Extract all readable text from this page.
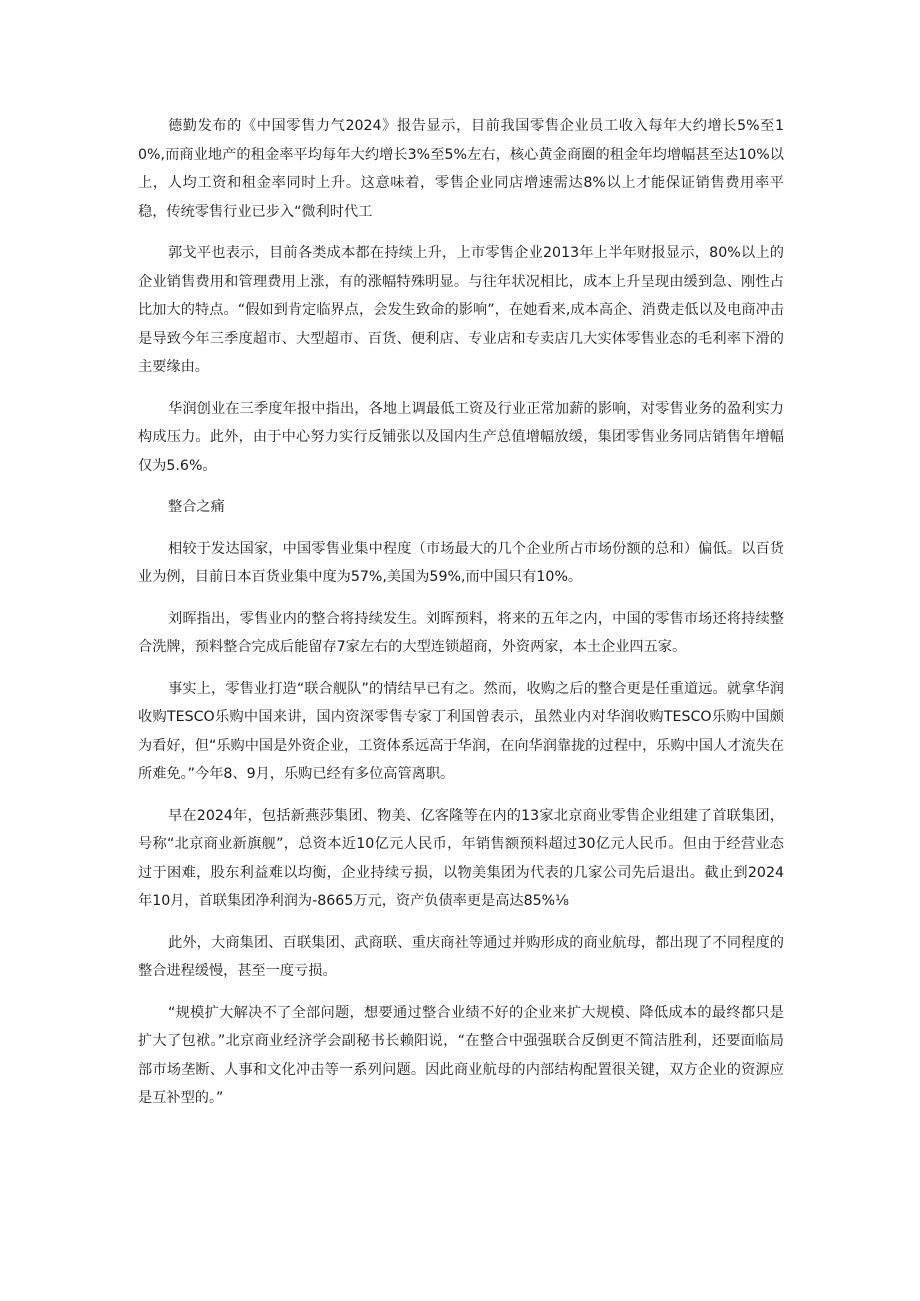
德勤发布的《中国零售力气2024》报告显示，目前我国零售企业员工收入每年大约增长5%至10%,而商业地产的租金率平均每年大约增长3%至5%左右，核心黄金商圈的租金年均增幅甚至达10%以上，人均工资和租金率同时上升。这意味着，零售企业同店增速需达8%以上才能保证销售费用率平稳，传统零售行业已步入“微利时代工

郭戈平也表示，目前各类成本都在持续上升，上市零售企业2013年上半年财报显示，80%以上的企业销售费用和管理费用上涨，有的涨幅特殊明显。与往年状况相比，成本上升呈现由缓到急、刚性占比加大的特点。“假如到肯定临界点，会发生致命的影响”，在她看来,成本高企、消费走低以及电商冲击是导致今年三季度超市、大型超市、百货、便利店、专业店和专卖店几大实体零售业态的毛利率下滑的主要缘由。

华润创业在三季度年报中指出，各地上调最低工资及行业正常加薪的影响，对零售业务的盈利实力构成压力。此外，由于中心努力实行反铺张以及国内生产总值增幅放缓，集团零售业务同店销售年增幅仅为5.6%。

整合之痛

相较于发达国家，中国零售业集中程度（市场最大的几个企业所占市场份额的总和）偏低。以百货业为例，目前日本百货业集中度为57%,美国为59%,而中国只有10%。

刘晖指出，零售业内的整合将持续发生。刘晖预料，将来的五年之内，中国的零售市场还将持续整合洗牌，预料整合完成后能留存7家左右的大型连锁超商，外资两家，本土企业四五家。

事实上，零售业打造“联合舰队”的情结早已有之。然而，收购之后的整合更是任重道远。就拿华润收购TESCO乐购中国来讲，国内资深零售专家丁利国曾表示，虽然业内对华润收购TESCO乐购中国颇为看好，但“乐购中国是外资企业，工资体系远高于华润，在向华润靠拢的过程中，乐购中国人才流失在所难免。”今年8、9月，乐购已经有多位高管离职。

早在2024年，包括新燕莎集团、物美、亿客隆等在内的13家北京商业零售企业组建了首联集团，号称“北京商业新旗舰”，总资本近10亿元人民币，年销售额预料超过30亿元人民币。但由于经营业态过于困难，股东利益难以均衡，企业持续亏损，以物美集团为代表的几家公司先后退出。截止到2024年10月，首联集团净利润为-8665万元，资产负债率更是高达85%⅛

此外，大商集团、百联集团、武商联、重庆商社等通过并购形成的商业航母，都出现了不同程度的整合进程缓慢，甚至一度亏损。

“规模扩大解决不了全部问题，想要通过整合业绩不好的企业来扩大规模、降低成本的最终都只是扩大了包袱。”北京商业经济学会副秘书长赖阳说，“在整合中强强联合反倒更不简洁胜利，还要面临局部市场垄断、人事和文化冲击等一系列问题。因此商业航母的内部结构配置很关键，双方企业的资源应是互补型的。”
